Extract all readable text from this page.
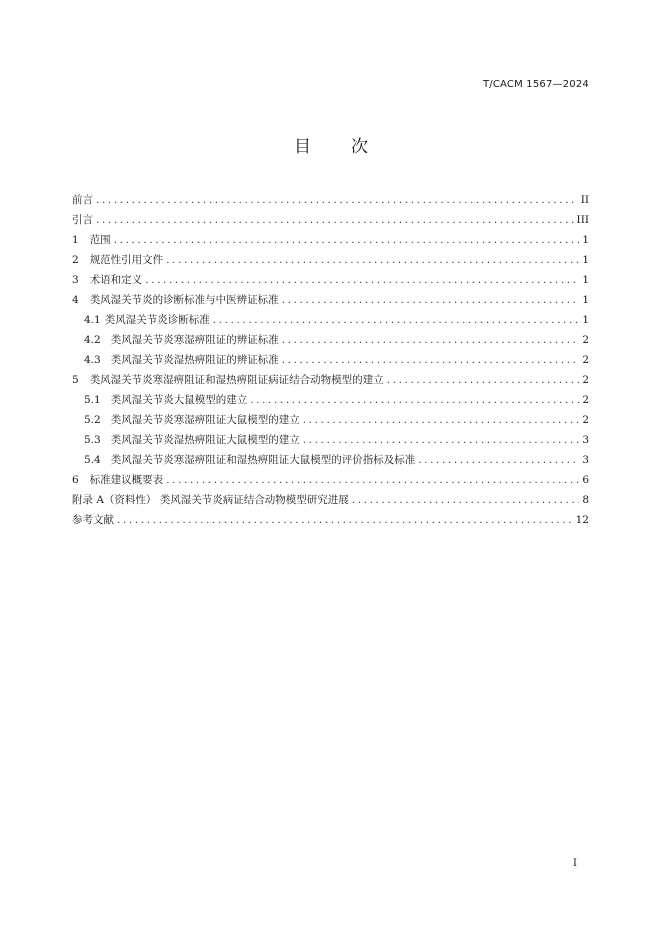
T/CACM 1567—2024
目 次
前言 .....	II
引言 .....	III
1 范围 .....	1
2 规范性引用文件 .....	1
3 术语和定义 .....	1
4 类风湿关节炎的诊断标准与中医辨证标准 .....	1
4.1 类风湿关节炎诊断标准 .....	1
4.2 类风湿关节炎寒湿痹阻证的辨证标准 .....	2
4.3 类风湿关节炎湿热痹阻证的辨证标准 .....	2
5 类风湿关节炎寒湿痹阻证和湿热痹阻证病证结合动物模型的建立 .....	2
5.1 类风湿关节炎大鼠模型的建立 .....	2
5.2 类风湿关节炎寒湿痹阻证大鼠模型的建立 .....	2
5.3 类风湿关节炎湿热痹阻证大鼠模型的建立 .....	3
5.4 类风湿关节炎寒湿痹阻证和湿热痹阻证大鼠模型的评价指标及标准 .....	3
6 标准建议概要表 .....	6
附录 A（资料性） 类风湿关节炎病证结合动物模型研究进展 .....	8
参考文献 .....	12
I
